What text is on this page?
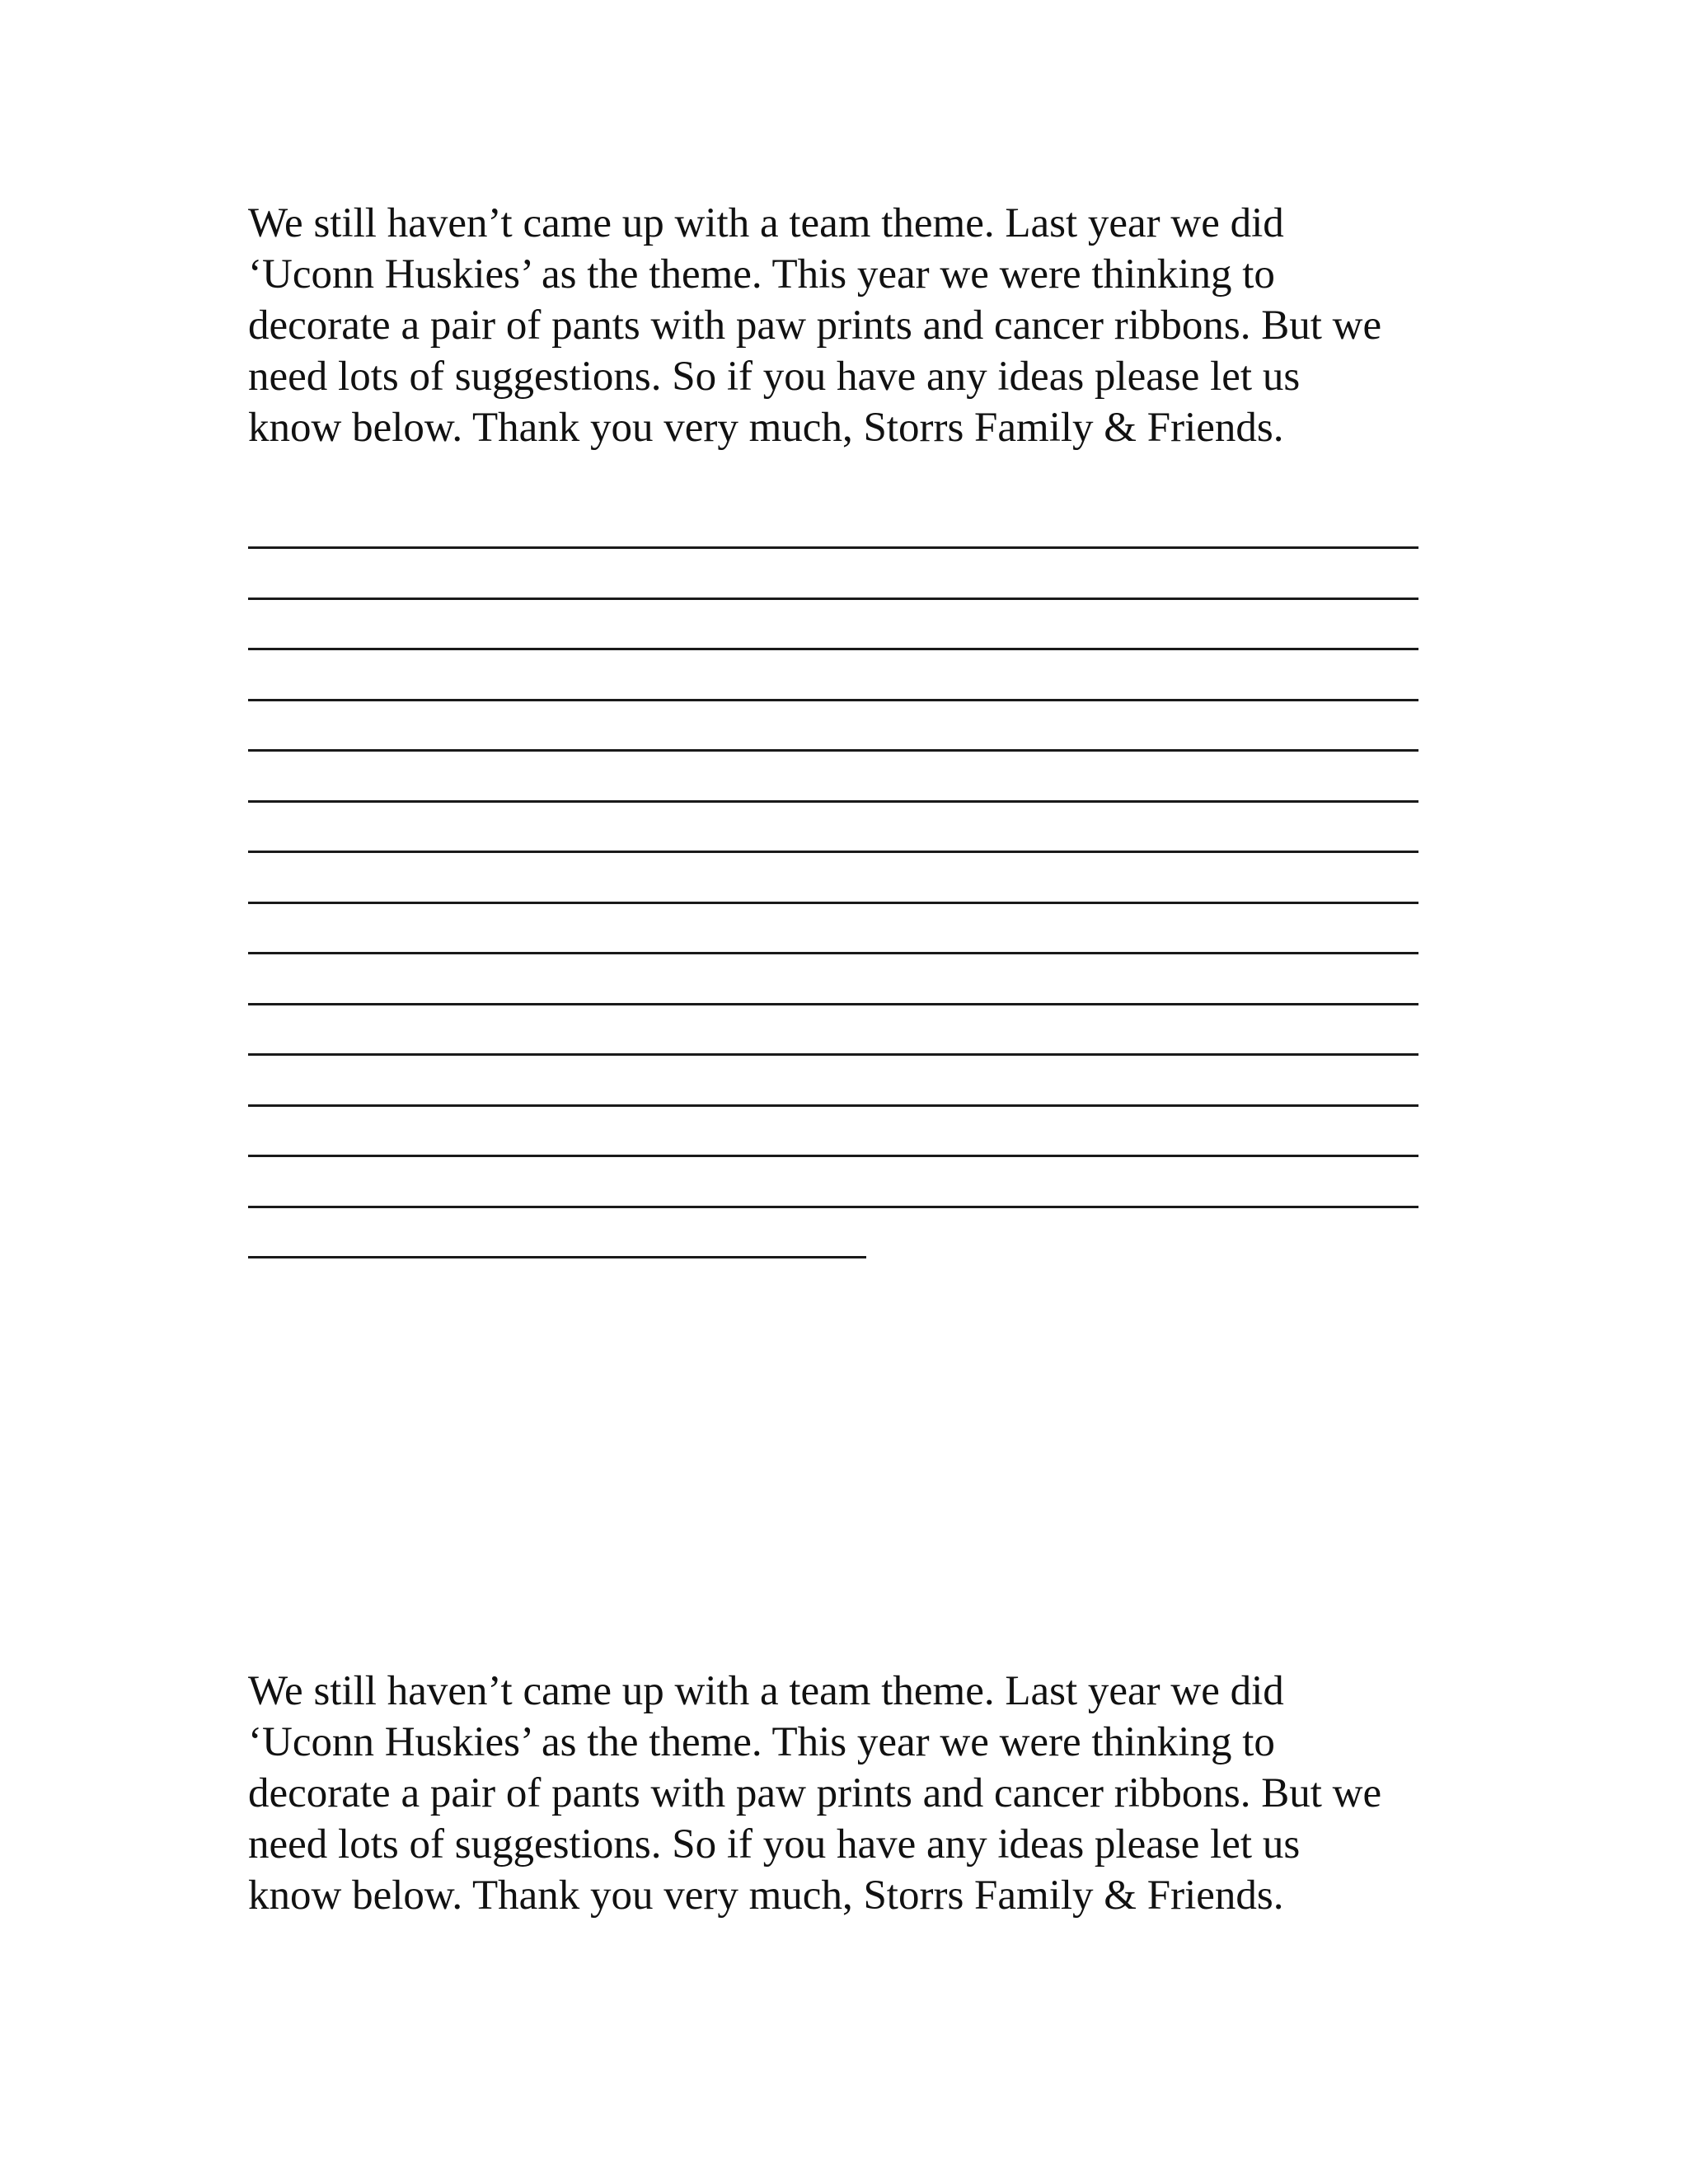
We still haven’t came up with a team theme. Last year we did
‘Uconn Huskies’ as the theme. This year we were thinking to
decorate a pair of pants with paw prints and cancer ribbons. But we
need lots of suggestions. So if you have any ideas please let us
know below. Thank you very much, Storrs Family & Friends.
We still haven’t came up with a team theme. Last year we did
‘Uconn Huskies’ as the theme. This year we were thinking to
decorate a pair of pants with paw prints and cancer ribbons. But we
need lots of suggestions. So if you have any ideas please let us
know below. Thank you very much, Storrs Family & Friends.
